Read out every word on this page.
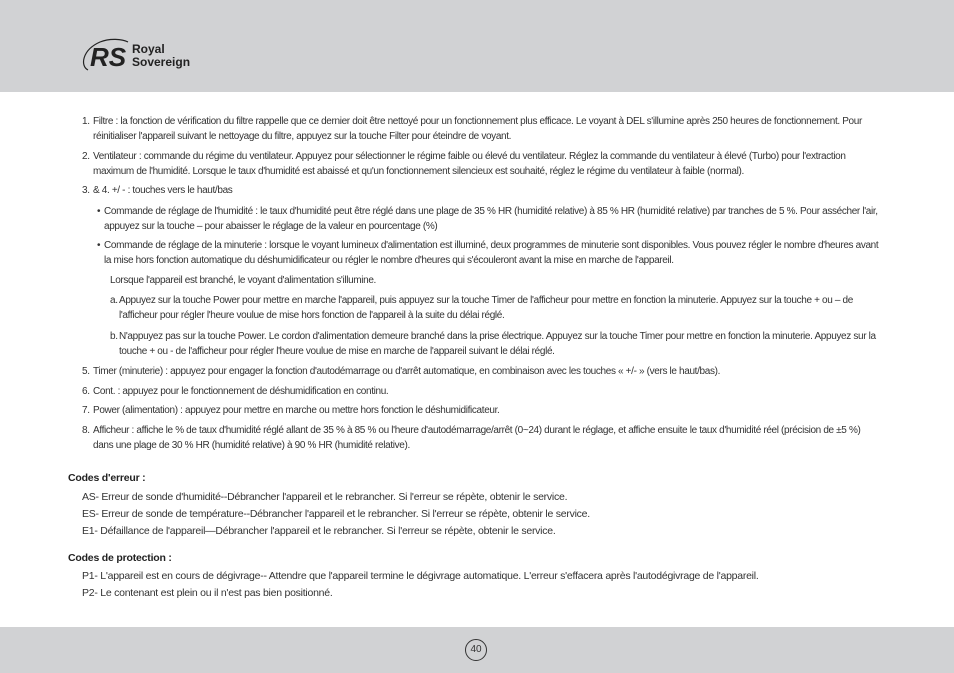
RS Royal
Sovereign
1. Filtre : la fonction de vérification du filtre rappelle que ce dernier doit être nettoyé pour un fonctionnement plus efficace. Le voyant à DEL s'illumine après 250 heures de fonctionnement. Pour réinitialiser l'appareil suivant le nettoyage du filtre, appuyez sur la touche Filter pour éteindre de voyant.

2. Ventilateur : commande du régime du ventilateur. Appuyez pour sélectionner le régime faible ou élevé du ventilateur. Réglez la commande du ventilateur à élevé (Turbo) pour l'extraction maximum de l'humidité. Lorsque le taux d'humidité est abaissé et qu'un fonctionnement silencieux est souhaité, réglez le régime du ventilateur à faible (normal).

3. & 4. +/ - : touches vers le haut/bas

• Commande de réglage de l'humidité : le taux d'humidité peut être réglé dans une plage de 35 % HR (humidité relative) à 85 % HR (humidité relative) par tranches de 5 %. Pour assécher l'air, appuyez sur la touche – pour abaisser le réglage de la valeur en pourcentage (%)

• Commande de réglage de la minuterie : lorsque le voyant lumineux d'alimentation est illuminé, deux programmes de minuterie sont disponibles. Vous pouvez régler le nombre d'heures avant la mise hors fonction automatique du déshumidificateur ou régler le nombre d'heures qui s'écouleront avant la mise en marche de l'appareil.

Lorsque l'appareil est branché, le voyant d'alimentation s'illumine.

a. Appuyez sur la touche Power pour mettre en marche l'appareil, puis appuyez sur la touche Timer de l'afficheur pour mettre en fonction la minuterie. Appuyez sur la touche + ou – de l'afficheur pour régler l'heure voulue de mise hors fonction de l'appareil à la suite du délai réglé.

b. N'appuyez pas sur la touche Power. Le cordon d'alimentation demeure branché dans la prise électrique. Appuyez sur la touche Timer pour mettre en fonction la minuterie. Appuyez sur la touche + ou - de l'afficheur pour régler l'heure voulue de mise en marche de l'appareil suivant le délai réglé.

5. Timer (minuterie) : appuyez pour engager la fonction d'autodémarrage ou d'arrêt automatique, en combinaison avec les touches « +/- » (vers le haut/bas).

6. Cont. : appuyez pour le fonctionnement de déshumidification en continu.

7. Power (alimentation) : appuyez pour mettre en marche ou mettre hors fonction le déshumidificateur.

8. Afficheur : affiche le % de taux d'humidité réglé allant de 35 % à 85 % ou l'heure d'autodémarrage/arrêt (0~24) durant le réglage, et affiche ensuite le taux d'humidité réel (précision de ±5 %) dans une plage de 30 % HR (humidité relative) à 90 % HR (humidité relative).

Codes d'erreur :

AS- Erreur de sonde d'humidité--Débrancher l'appareil et le rebrancher. Si l'erreur se répète, obtenir le service.

ES- Erreur de sonde de température--Débrancher l'appareil et le rebrancher. Si l'erreur se répète, obtenir le service.

E1- Défaillance de l'appareil—Débrancher l'appareil et le rebrancher. Si l'erreur se répète, obtenir le service.

Codes de protection :

P1- L'appareil est en cours de dégivrage-- Attendre que l'appareil termine le dégivrage automatique. L'erreur s'effacera après l'autodégivrage de l'appareil.

P2- Le contenant est plein ou il n'est pas bien positionné.

40
